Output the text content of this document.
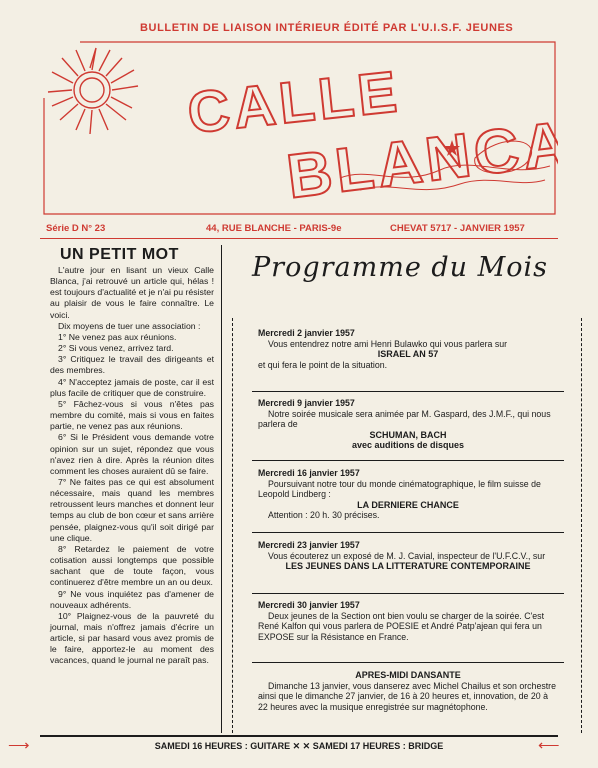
BULLETIN DE LIAISON INTÉRIEUR ÉDITÉ PAR L'U.I.S.F. JEUNES
CALLE
BLANCA
Série D N° 23	44, RUE BLANCHE - PARIS-9e	CHEVAT 5717 - JANVIER 1957
UN PETIT MOT

L'autre jour en lisant un vieux Calle Blanca, j'ai retrouvé un article qui, hélas ! est toujours d'actualité et je n'ai pu résister au plaisir de vous le faire connaître. Le voici.

Dix moyens de tuer une association :

1° Ne venez pas aux réunions.

2° Si vous venez, arrivez tard.

3° Critiquez le travail des dirigeants et des membres.

4° N'acceptez jamais de poste, car il est plus facile de critiquer que de construire.

5° Fâchez-vous si vous n'êtes pas membre du comité, mais si vous en faites partie, ne venez pas aux réunions.

6° Si le Président vous demande votre opinion sur un sujet, répondez que vous n'avez rien à dire. Après la réunion dites comment les choses auraient dû se faire.

7° Ne faites pas ce qui est absolument nécessaire, mais quand les membres retroussent leurs manches et donnent leur temps au club de bon cœur et sans arrière pensée, plaignez-vous qu'il soit dirigé par une clique.

8° Retardez le paiement de votre cotisation aussi longtemps que possible sachant que de toute façon, vous continuerez d'être membre un an ou deux.

9° Ne vous inquiétez pas d'amener de nouveaux adhérents.

10° Plaignez-vous de la pauvreté du journal, mais n'offrez jamais d'écrire un article, si par hasard vous avez promis de le faire, apportez-le au moment des vacances, quand le journal ne paraît pas.

Programme du Mois
Mercredi 2 janvier 1957

Vous entendrez notre ami Henri Bulawko qui vous parlera sur

ISRAEL AN 57
et qui fera le point de la situation.
Mercredi 9 janvier 1957

Notre soirée musicale sera animée par M. Gaspard, des J.M.F., qui nous parlera de

SCHUMAN, BACH
avec auditions de disques
Mercredi 16 janvier 1957

Poursuivant notre tour du monde cinématographique, le film suisse de Leopold Lindberg :

LA DERNIERE CHANCE

Attention : 20 h. 30 précises.

Mercredi 23 janvier 1957

Vous écouterez un exposé de M. J. Cavial, inspecteur de l'U.F.C.V., sur

LES JEUNES DANS LA LITTERATURE CONTEMPORAINE
Mercredi 30 janvier 1957

Deux jeunes de la Section ont bien voulu se charger de la soirée. C'est René Kalfon qui vous parlera de POESIE et André Patp'ajean qui fera un EXPOSE sur la Résistance en France.

APRES-MIDI DANSANTE

Dimanche 13 janvier, vous danserez avec Michel Chailus et son orchestre ainsi que le dimanche 27 janvier, de 16 à 20 heures et, innovation, de 20 à 22 heures avec la musique enregistrée sur magnétophone.

⟶	SAMEDI 16 HEURES : GUITARE ✕ ✕ SAMEDI 17 HEURES : BRIDGE	⟵
